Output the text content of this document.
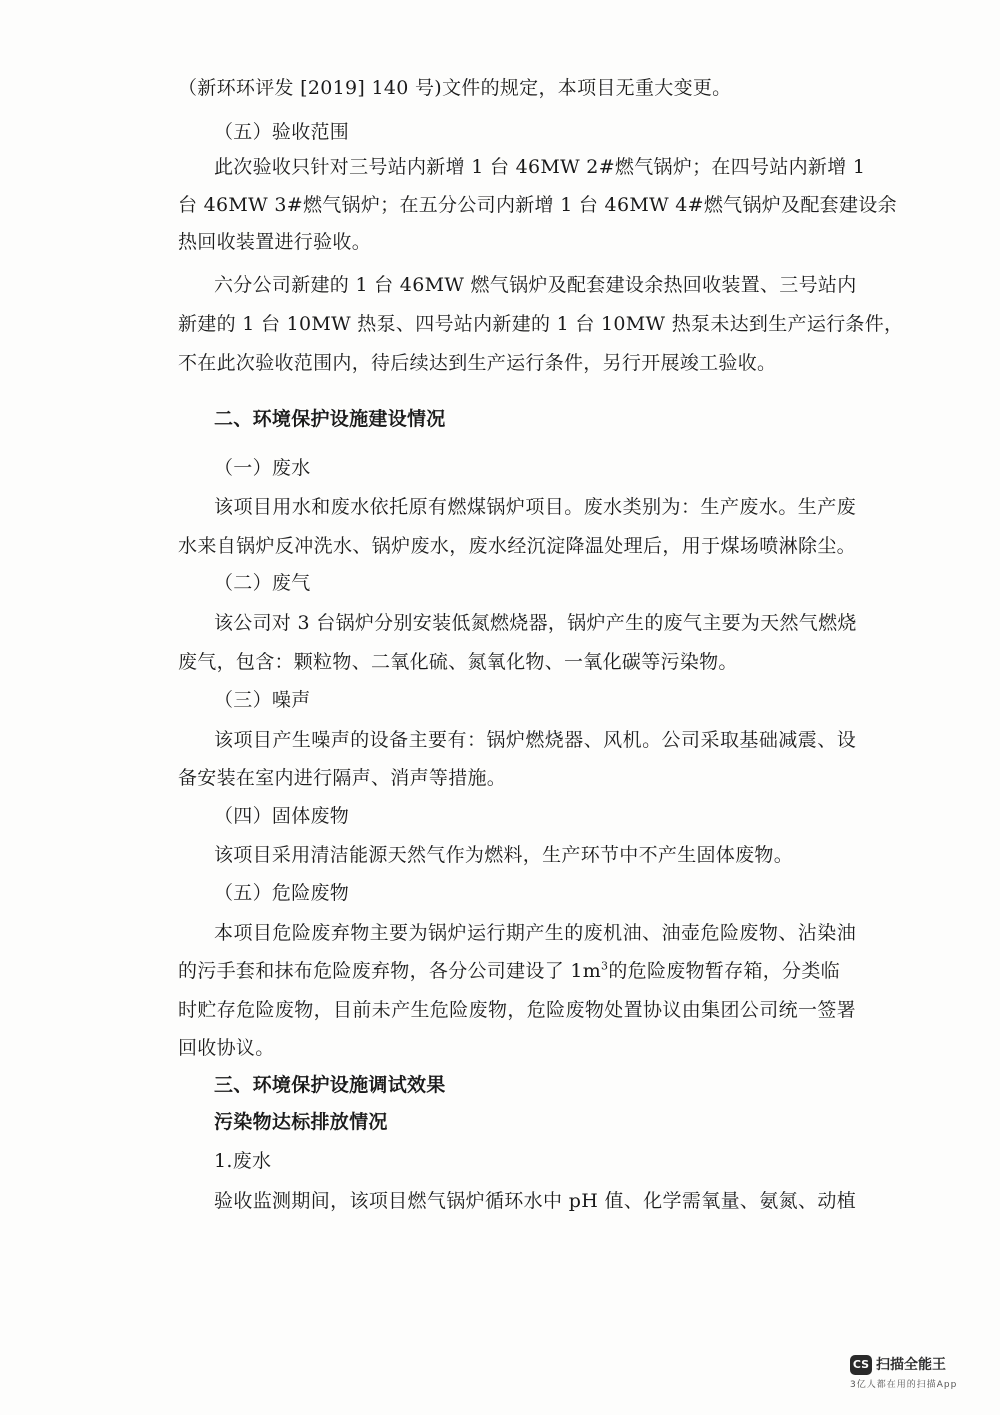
（新环环评发 [2019] 140 号)文件的规定，本项目无重大变更。
（五）验收范围
此次验收只针对三号站内新增 1 台 46MW 2#燃气锅炉；在四号站内新增 1
台 46MW 3#燃气锅炉；在五分公司内新增 1 台 46MW 4#燃气锅炉及配套建设余
热回收装置进行验收。
六分公司新建的 1 台 46MW 燃气锅炉及配套建设余热回收装置、三号站内
新建的 1 台 10MW 热泵、四号站内新建的 1 台 10MW 热泵未达到生产运行条件，
不在此次验收范围内，待后续达到生产运行条件，另行开展竣工验收。
二、环境保护设施建设情况
（一）废水
该项目用水和废水依托原有燃煤锅炉项目。废水类别为：生产废水。生产废
水来自锅炉反冲洗水、锅炉废水，废水经沉淀降温处理后，用于煤场喷淋除尘。
（二）废气
该公司对 3 台锅炉分别安装低氮燃烧器，锅炉产生的废气主要为天然气燃烧
废气，包含：颗粒物、二氧化硫、氮氧化物、一氧化碳等污染物。
（三）噪声
该项目产生噪声的设备主要有：锅炉燃烧器、风机。公司采取基础减震、设
备安装在室内进行隔声、消声等措施。
（四）固体废物
该项目采用清洁能源天然气作为燃料，生产环节中不产生固体废物。
（五）危险废物
本项目危险废弃物主要为锅炉运行期产生的废机油、油壶危险废物、沾染油
的污手套和抹布危险废弃物，各分公司建设了 $1m^3$的危险废物暂存箱，分类临
时贮存危险废物，目前未产生危险废物，危险废物处置协议由集团公司统一签署
回收协议。
三、环境保护设施调试效果
污染物达标排放情况
1.废水
验收监测期间，该项目燃气锅炉循环水中 pH 值、化学需氧量、氨氮、动植
CS 扫描全能王
3亿人都在用的扫描App
